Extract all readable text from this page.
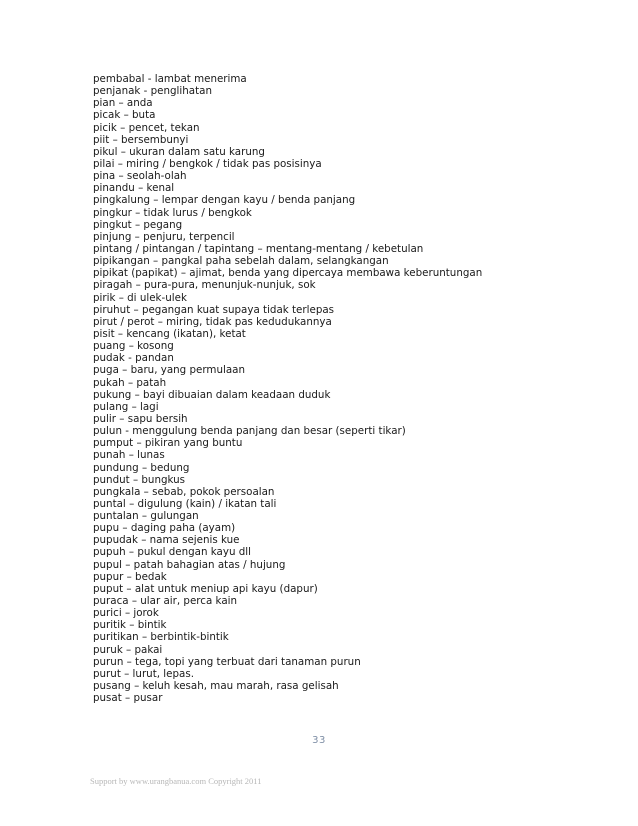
pembabal - lambat menerima
penjanak - penglihatan
pian – anda
picak – buta
picik – pencet, tekan
piit – bersembunyi
pikul – ukuran dalam satu karung
pilai – miring / bengkok / tidak pas posisinya
pina – seolah-olah
pinandu – kenal
pingkalung – lempar dengan kayu / benda panjang
pingkur – tidak lurus / bengkok
pingkut – pegang
pinjung – penjuru, terpencil
pintang / pintangan / tapintang – mentang-mentang / kebetulan
pipikangan – pangkal paha sebelah dalam, selangkangan
pipikat (papikat) – ajimat, benda yang dipercaya membawa keberuntungan
piragah – pura-pura, menunjuk-nunjuk, sok
pirik – di ulek-ulek
piruhut – pegangan kuat supaya tidak terlepas
pirut / perot – miring, tidak pas kedudukannya
pisit – kencang (ikatan), ketat
puang – kosong
pudak - pandan
puga – baru, yang permulaan
pukah – patah
pukung – bayi dibuaian dalam keadaan duduk
pulang – lagi
pulir – sapu bersih
pulun - menggulung benda panjang dan besar (seperti tikar)
pumput – pikiran yang buntu
punah – lunas
pundung – bedung
pundut – bungkus
pungkala – sebab, pokok persoalan
puntal – digulung (kain) / ikatan tali
puntalan – gulungan
pupu – daging paha (ayam)
pupudak – nama sejenis kue
pupuh – pukul dengan kayu dll
pupul – patah bahagian atas / hujung
pupur – bedak
puput – alat untuk meniup api kayu (dapur)
puraca – ular air, perca kain
purici – jorok
puritik – bintik
puritikan – berbintik-bintik
puruk – pakai
purun – tega, topi yang terbuat dari tanaman purun
purut – lurut, lepas.
pusang – keluh kesah, mau marah, rasa gelisah
pusat – pusar
33
Support by www.urangbanua.com Copyright 2011
